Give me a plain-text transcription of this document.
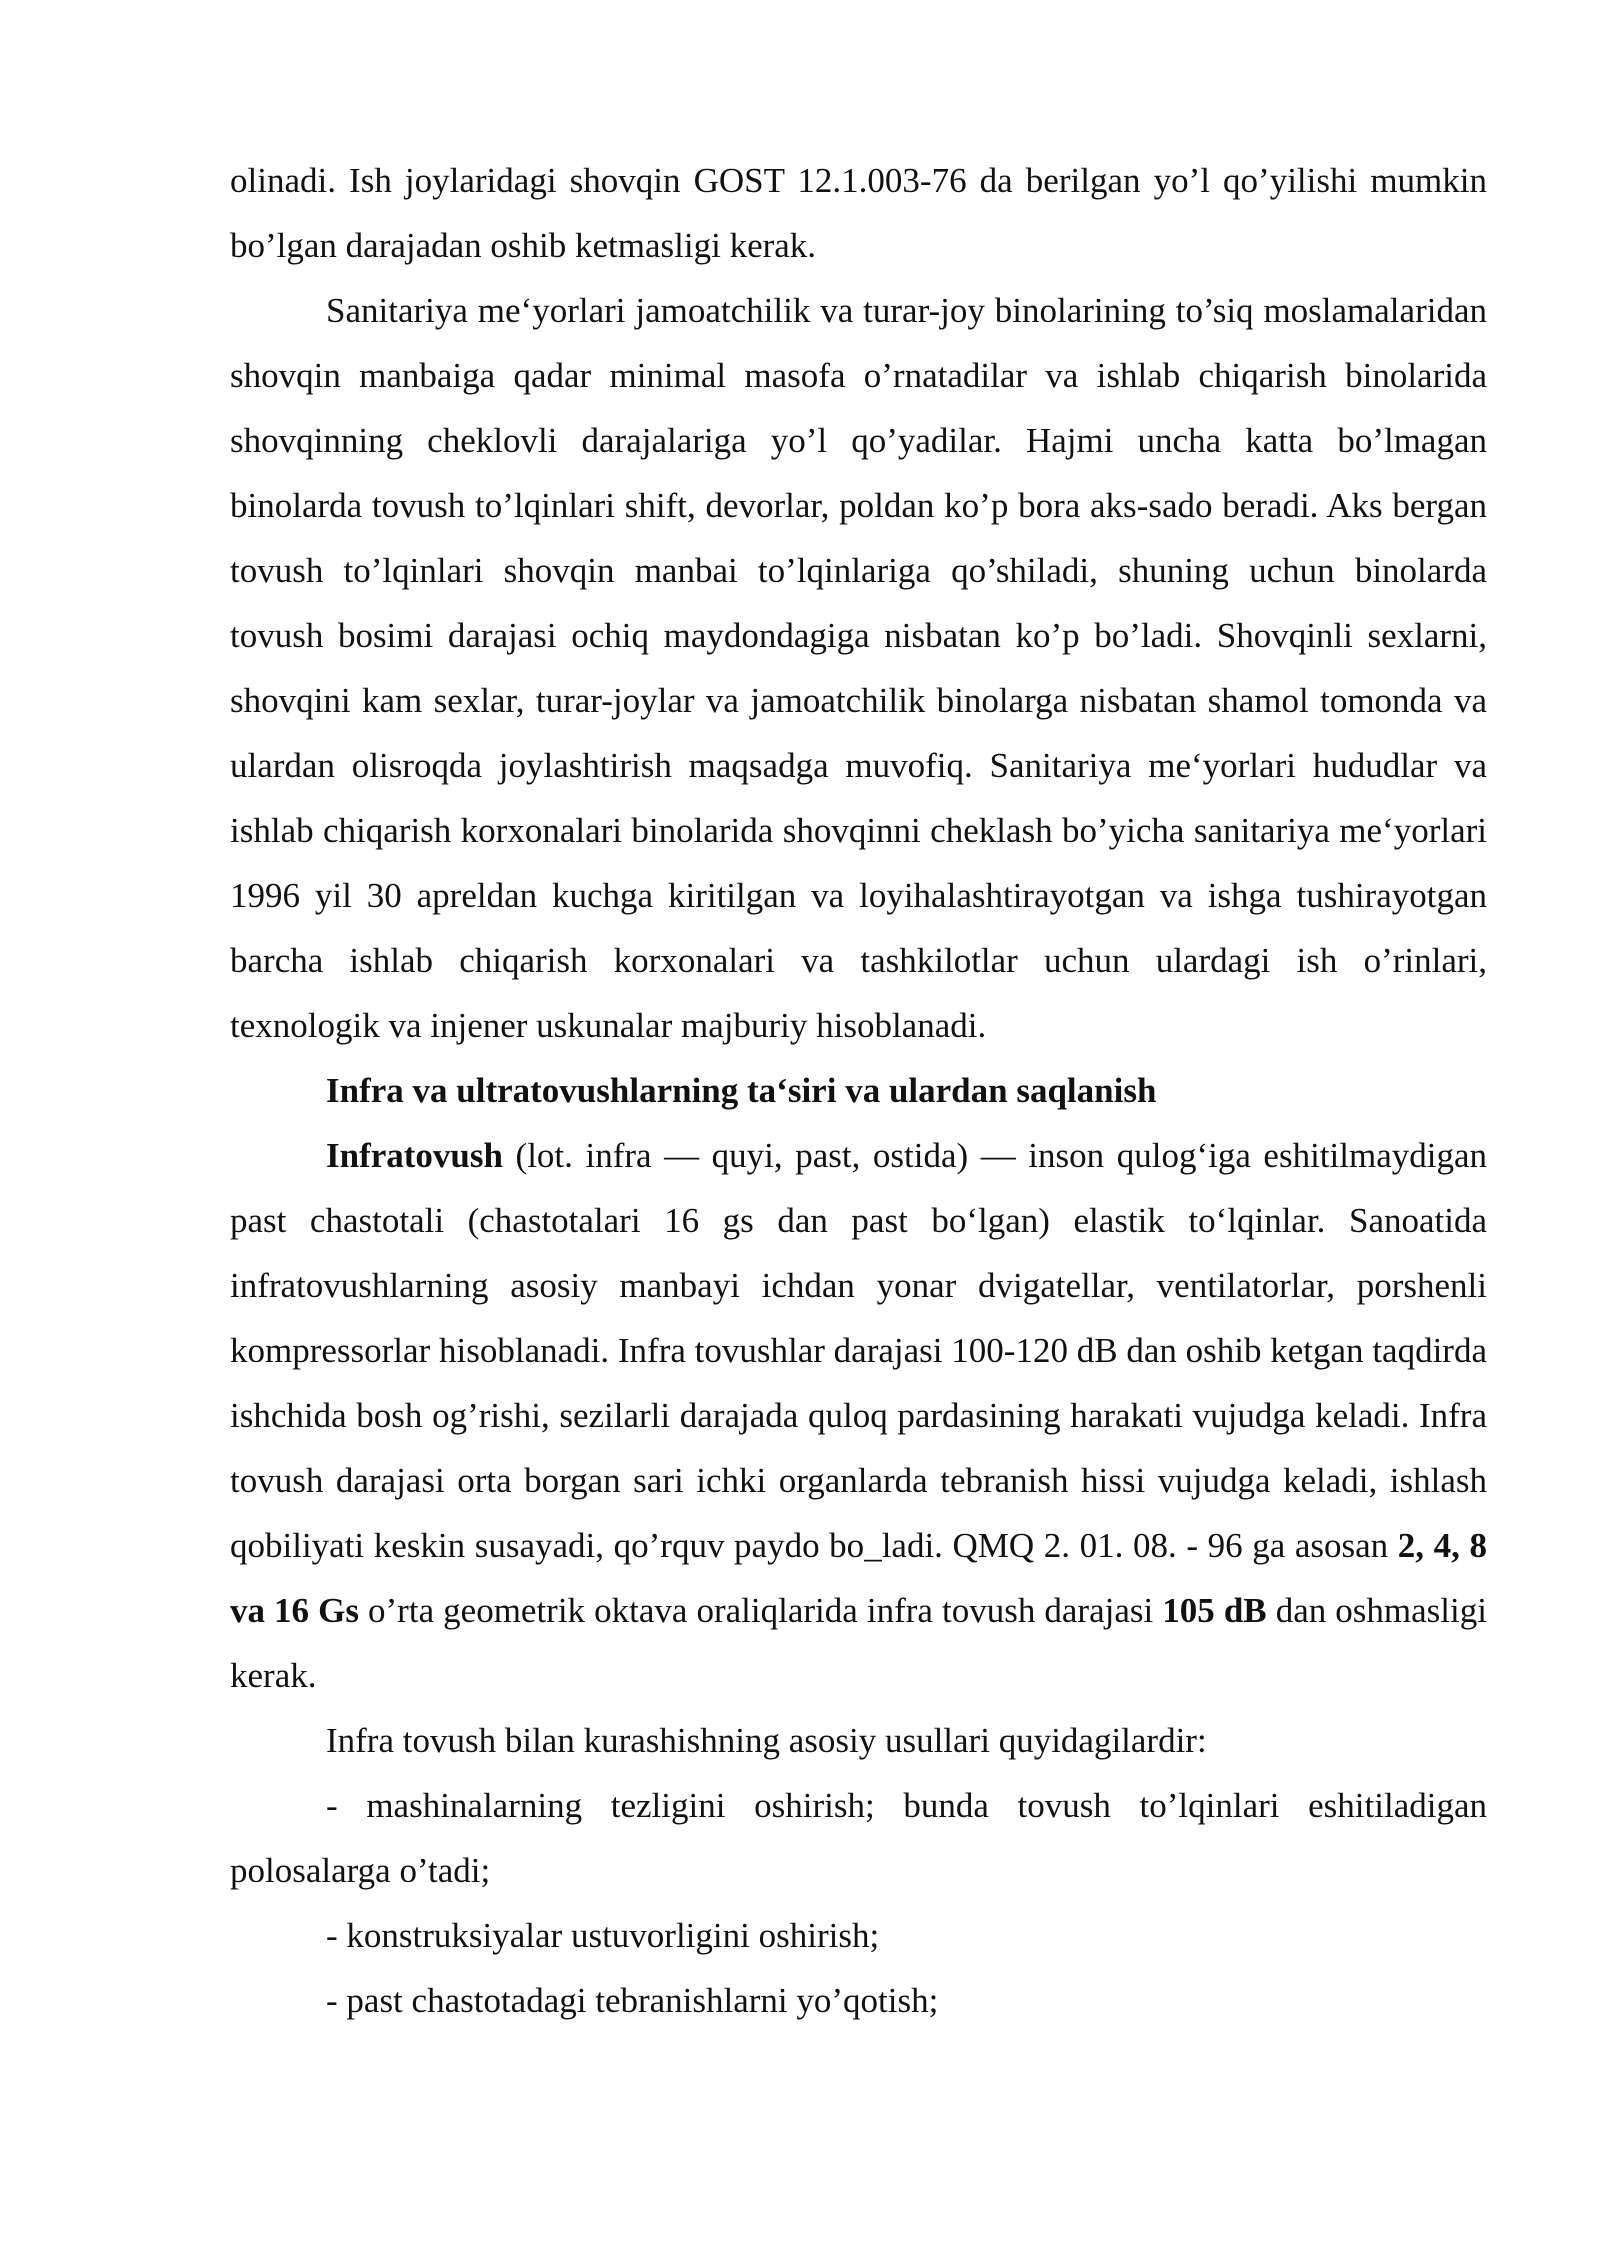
olinadi. Ish joylaridagi shovqin GOST 12.1.003-76 da berilgan yo’l qo’yilishi mumkin bo’lgan darajadan oshib ketmasligi kerak.

Sanitariya me‘yorlari jamoatchilik va turar-joy binolarining to’siq moslamalaridan shovqin manbaiga qadar minimal masofa o’rnatadilar va ishlab chiqarish binolarida shovqinning cheklovli darajalariga yo’l qo’yadilar. Hajmi uncha katta bo’lmagan binolarda tovush to’lqinlari shift, devorlar, poldan ko’p bora aks-sado beradi. Aks bergan tovush to’lqinlari shovqin manbai to’lqinlariga qo’shiladi, shuning uchun binolarda tovush bosimi darajasi ochiq maydondagiga nisbatan ko’p bo’ladi. Shovqinli sexlarni, shovqini kam sexlar, turar-joylar va jamoatchilik binolarga nisbatan shamol tomonda va ulardan olisroqda joylashtirish maqsadga muvofiq. Sanitariya me‘yorlari hududlar va ishlab chiqarish korxonalari binolarida shovqinni cheklash bo’yicha sanitariya me‘yorlari 1996 yil 30 apreldan kuchga kiritilgan va loyihalashtirayotgan va ishga tushirayotgan barcha ishlab chiqarish korxonalari va tashkilotlar uchun ulardagi ish o’rinlari, texnologik va injener uskunalar majburiy hisoblanadi.

Infra va ultratovushlarning ta‘siri va ulardan saqlanish

Infratovush (lot. infra — quyi, past, ostida) — inson qulog‘iga eshitilmaydigan past chastotali (chastotalari 16 gs dan past bo‘lgan) elastik to‘lqinlar. Sanoatida infratovushlarning asosiy manbayi ichdan yonar dvigatellar, ventilatorlar, porshenli kompressorlar hisoblanadi. Infra tovushlar darajasi 100-120 dB dan oshib ketgan taqdirda ishchida bosh og’rishi, sezilarli darajada quloq pardasining harakati vujudga keladi. Infra tovush darajasi orta borgan sari ichki organlarda tebranish hissi vujudga keladi, ishlash qobiliyati keskin susayadi, qo’rquv paydo bo_ladi. QMQ 2. 01. 08. - 96 ga asosan 2, 4, 8 va 16 Gs o’rta geometrik oktava oraliqlarida infra tovush darajasi 105 dB dan oshmasligi kerak.

Infra tovush bilan kurashishning asosiy usullari quyidagilardir:

- mashinalarning tezligini oshirish; bunda tovush to’lqinlari eshitiladigan polosalarga o’tadi;

- konstruksiyalar ustuvorligini oshirish;

- past chastotadagi tebranishlarni yo’qotish;
